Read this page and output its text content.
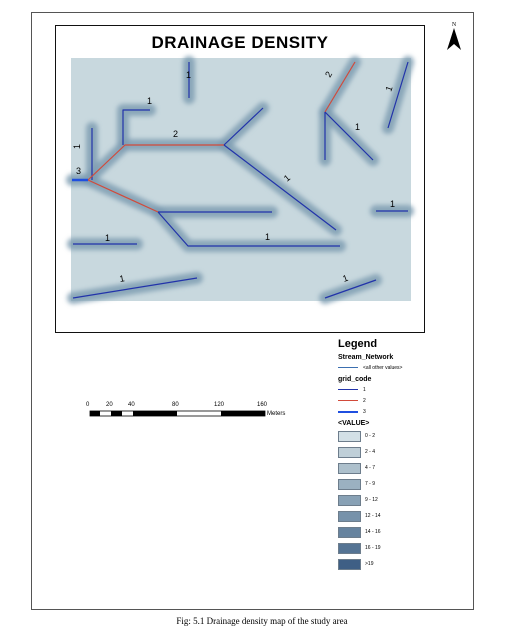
DRAINAGE DENSITY
N
1
1
2
1
3
2
1
1
1
1
1	1
1	1
0	20	40	80	120	160
Meters
Legend
Stream_Network
<all other values>
grid_code
1
2
3
<VALUE>
0 - 2
2 - 4
4 - 7
7 - 9
9 - 12
12 - 14
14 - 16
16 - 19
>19
Fig: 5.1 Drainage density map of the study area
